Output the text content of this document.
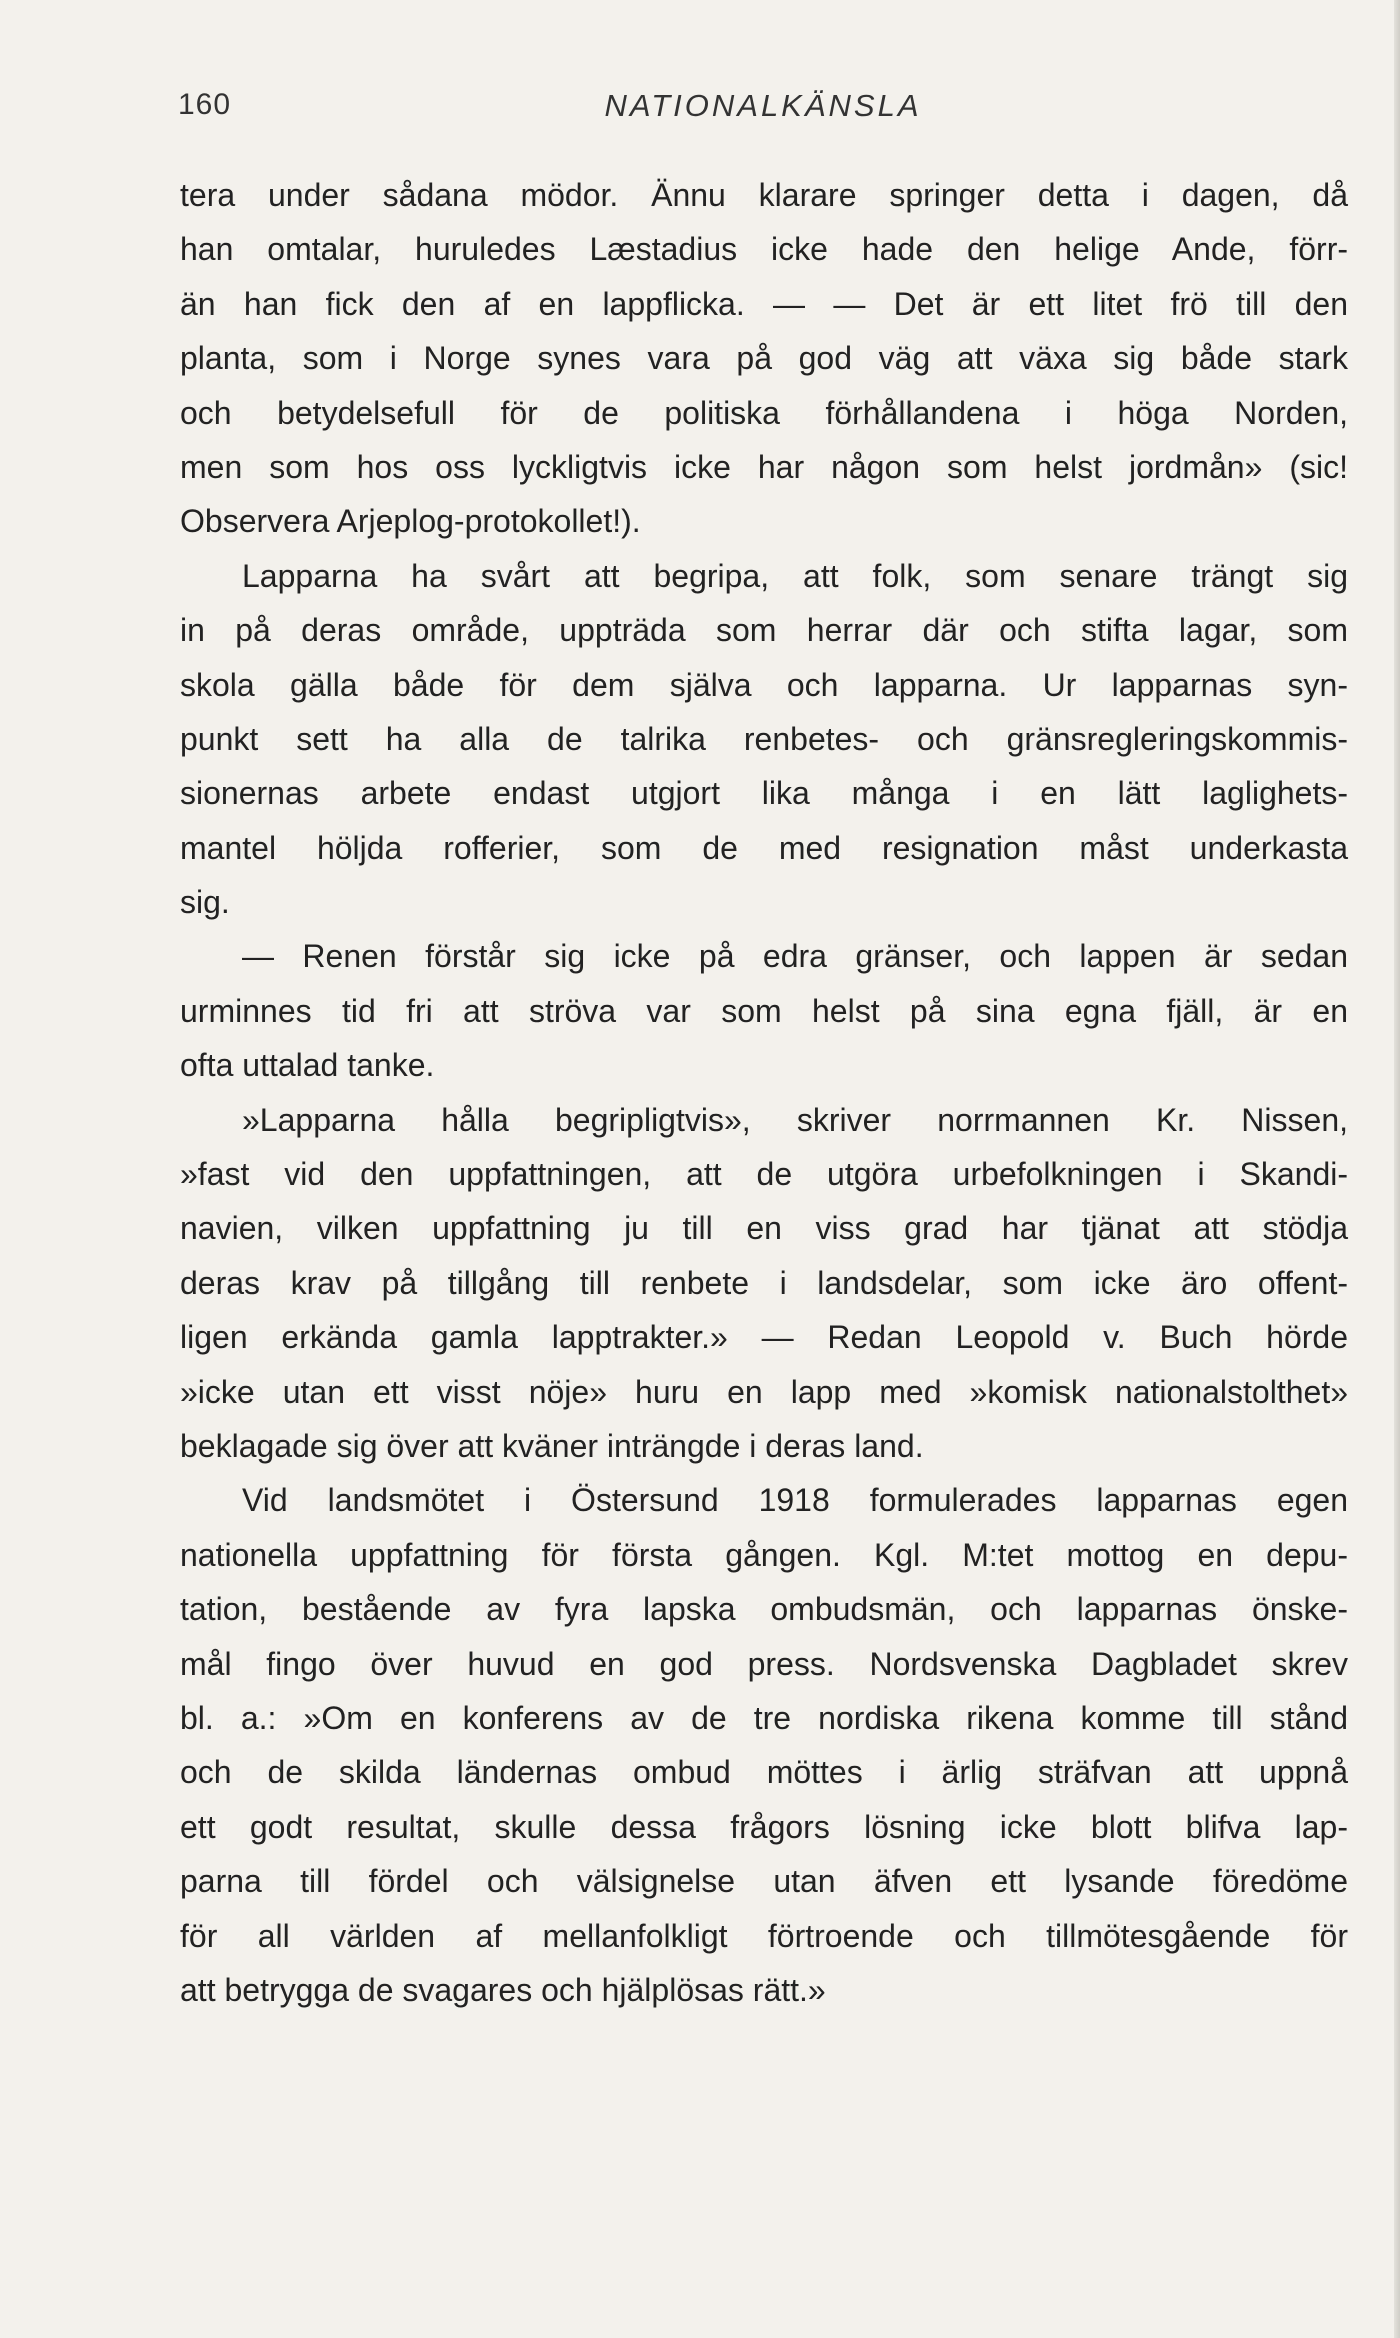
160	NATIONALKÄNSLA
tera under sådana mödor. Ännu klarare springer detta i dagen, då
han omtalar, huruledes Læstadius icke hade den helige Ande, förr-
än han fick den af en lappflicka. — — Det är ett litet frö till den
planta, som i Norge synes vara på god väg att växa sig både stark
och betydelsefull för de politiska förhållandena i höga Norden,
men som hos oss lyckligtvis icke har någon som helst jordmån» (sic!
Observera Arjeplog-protokollet!).
Lapparna ha svårt att begripa, att folk, som senare trängt sig
in på deras område, uppträda som herrar där och stifta lagar, som
skola gälla både för dem själva och lapparna. Ur lapparnas syn-
punkt sett ha alla de talrika renbetes- och gränsregleringskommis-
sionernas arbete endast utgjort lika många i en lätt laglighets-
mantel höljda rofferier, som de med resignation måst underkasta
sig.
— Renen förstår sig icke på edra gränser, och lappen är sedan
urminnes tid fri att ströva var som helst på sina egna fjäll, är en
ofta uttalad tanke.
»Lapparna hålla begripligtvis», skriver norrmannen Kr. Nissen,
»fast vid den uppfattningen, att de utgöra urbefolkningen i Skandi-
navien, vilken uppfattning ju till en viss grad har tjänat att stödja
deras krav på tillgång till renbete i landsdelar, som icke äro offent-
ligen erkända gamla lapptrakter.» — Redan Leopold v. Buch hörde
»icke utan ett visst nöje» huru en lapp med »komisk nationalstolthet»
beklagade sig över att kväner inträngde i deras land.
Vid landsmötet i Östersund 1918 formulerades lapparnas egen
nationella uppfattning för första gången. Kgl. M:tet mottog en depu-
tation, bestående av fyra lapska ombudsmän, och lapparnas önske-
mål fingo över huvud en god press. Nordsvenska Dagbladet skrev
bl. a.: »Om en konferens av de tre nordiska rikena komme till stånd
och de skilda ländernas ombud möttes i ärlig sträfvan att uppnå
ett godt resultat, skulle dessa frågors lösning icke blott blifva lap-
parna till fördel och välsignelse utan äfven ett lysande föredöme
för all världen af mellanfolkligt förtroende och tillmötesgående för
att betrygga de svagares och hjälplösas rätt.»
